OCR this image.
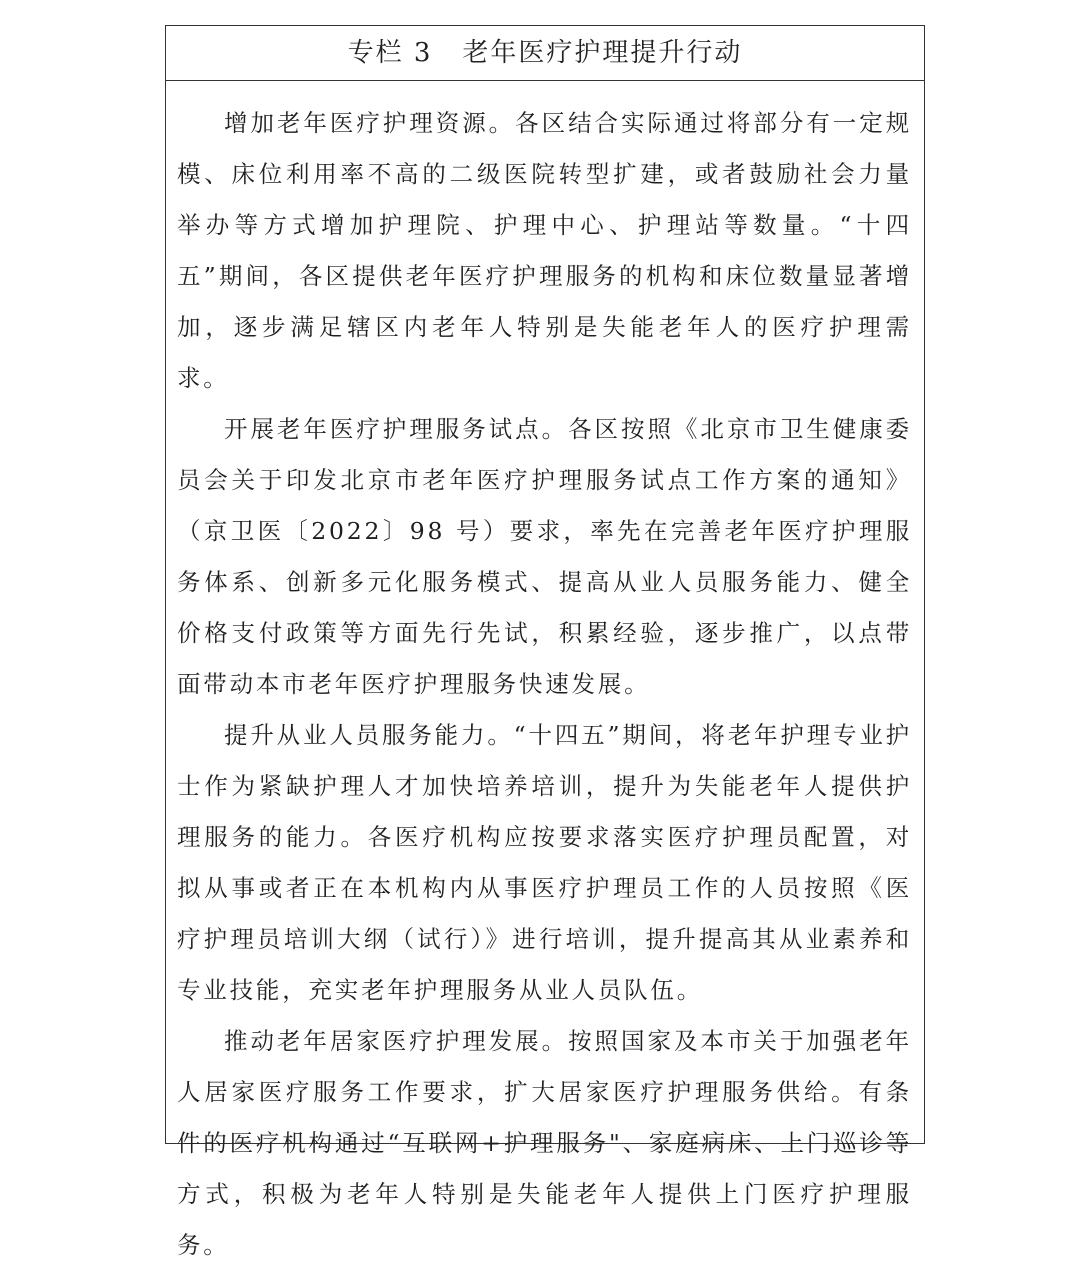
专栏 3 老年医疗护理提升行动

增加老年医疗护理资源。各区结合实际通过将部分有一定规模、床位利用率不高的二级医院转型扩建，或者鼓励社会力量举办等方式增加护理院、护理中心、护理站等数量。“十四五”期间，各区提供老年医疗护理服务的机构和床位数量显著增加，逐步满足辖区内老年人特别是失能老年人的医疗护理需求。

开展老年医疗护理服务试点。各区按照《北京市卫生健康委员会关于印发北京市老年医疗护理服务试点工作方案的通知》（京卫医〔2022〕98 号）要求，率先在完善老年医疗护理服务体系、创新多元化服务模式、提高从业人员服务能力、健全价格支付政策等方面先行先试，积累经验，逐步推广，以点带面带动本市老年医疗护理服务快速发展。

提升从业人员服务能力。“十四五”期间，将老年护理专业护士作为紧缺护理人才加快培养培训，提升为失能老年人提供护理服务的能力。各医疗机构应按要求落实医疗护理员配置，对拟从事或者正在本机构内从事医疗护理员工作的人员按照《医疗护理员培训大纲（试行）》进行培训，提升提高其从业素养和专业技能，充实老年护理服务从业人员队伍。

推动老年居家医疗护理发展。按照国家及本市关于加强老年人居家医疗服务工作要求，扩大居家医疗护理服务供给。有条件的医疗机构通过“互联网+护理服务"、家庭病床、上门巡诊等方式，积极为老年人特别是失能老年人提供上门医疗护理服务。
